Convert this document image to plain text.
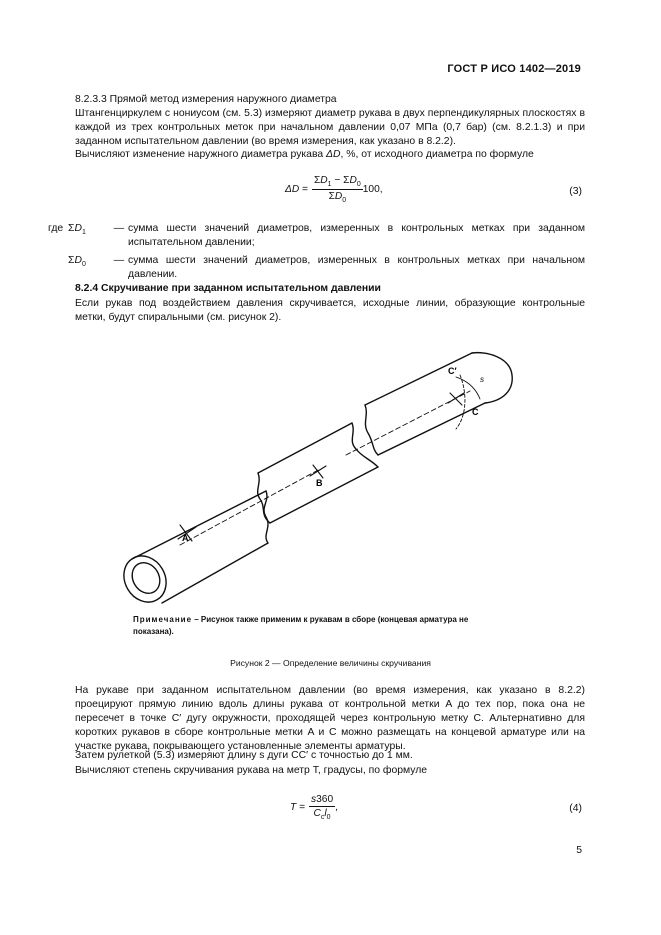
ГОСТ Р ИСО 1402—2019
8.2.3.3 Прямой метод измерения наружного диаметра
Штангенциркулем с нониусом (см. 5.3) измеряют диаметр рукава в двух перпендикулярных плоскостях в каждой из трех контрольных меток при начальном давлении 0,07 МПа (0,7 бар) (см. 8.2.1.3) и при заданном испытательном давлении (во время измерения, как указано в 8.2.2).
Вычисляют изменение наружного диаметра рукава ΔD, %, от исходного диаметра по формуле
$\Delta D = \frac{\Sigma D_1 - \Sigma D_0}{\Sigma D_0} 100$,	(3)
где $\Sigma D_1$	— сумма шести значений диаметров, измеренных в контрольных метках при заданном испытательном давлении;
$\Sigma D_0$	— сумма шести значений диаметров, измеренных в контрольных метках при начальном давлении.
8.2.4 Скручивание при заданном испытательном давлении
Если рукав под воздействием давления скручивается, исходные линии, образующие контрольные метки, будут спиральными (см. рисунок 2).
A
B
C
C′
s
Примечание – Рисунок также применим к рукавам в сборе (концевая арматура не показана).
Рисунок 2 — Определение величины скручивания
На рукаве при заданном испытательном давлении (во время измерения, как указано в 8.2.2) проецируют прямую линию вдоль длины рукава от контрольной метки A до тех пор, пока она не пересечет в точке C′ дугу окружности, проходящей через контрольную метку C. Альтернативно для коротких рукавов в сборе контрольные метки A и C можно размещать на концевой арматуре или на участке рукава, покрывающего установленные элементы арматуры.
Затем рулеткой (5.3) измеряют длину s дуги CC′ с точностью до 1 мм.
Вычисляют степень скручивания рукава на метр T, градусы, по формуле
$T = \frac{s360}{C_cl_0}$ ,	(4)
5
